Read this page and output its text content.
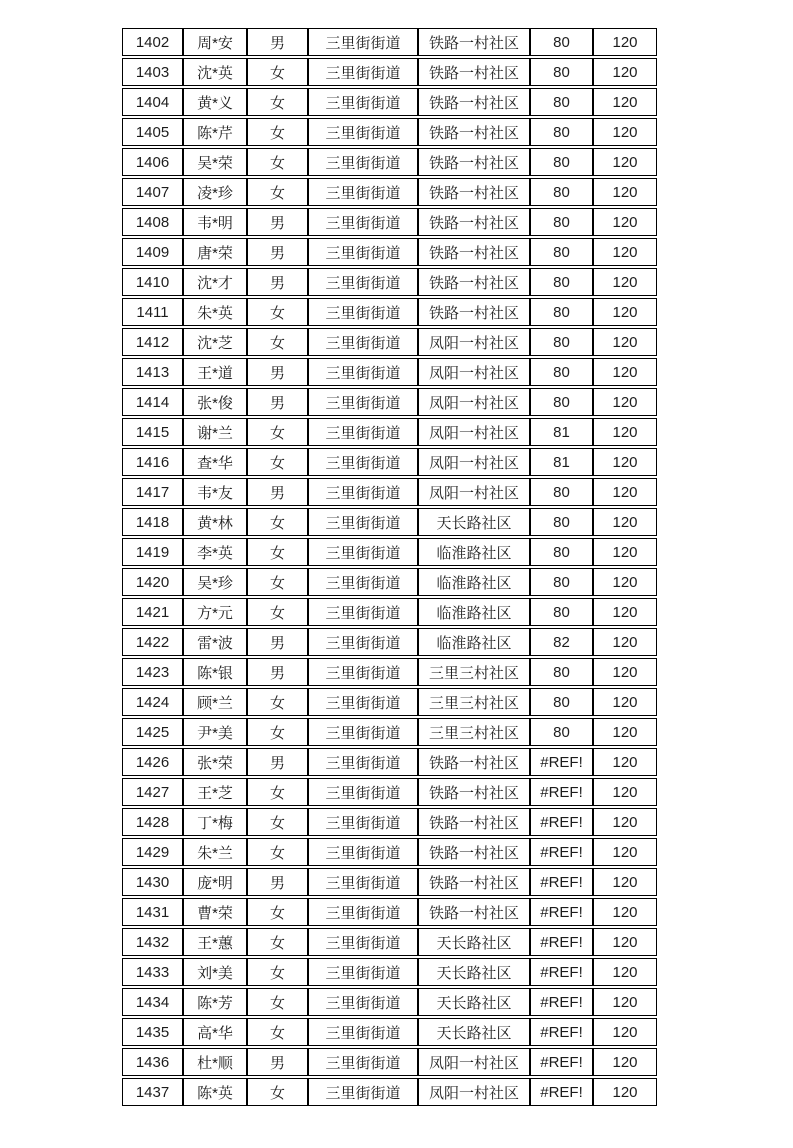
1402	周*安	男	三里街街道	铁路一村社区	80	120
1403	沈*英	女	三里街街道	铁路一村社区	80	120
1404	黄*义	女	三里街街道	铁路一村社区	80	120
1405	陈*芹	女	三里街街道	铁路一村社区	80	120
1406	吴*荣	女	三里街街道	铁路一村社区	80	120
1407	凌*珍	女	三里街街道	铁路一村社区	80	120
1408	韦*明	男	三里街街道	铁路一村社区	80	120
1409	唐*荣	男	三里街街道	铁路一村社区	80	120
1410	沈*才	男	三里街街道	铁路一村社区	80	120
1411	朱*英	女	三里街街道	铁路一村社区	80	120
1412	沈*芝	女	三里街街道	凤阳一村社区	80	120
1413	王*道	男	三里街街道	凤阳一村社区	80	120
1414	张*俊	男	三里街街道	凤阳一村社区	80	120
1415	谢*兰	女	三里街街道	凤阳一村社区	81	120
1416	查*华	女	三里街街道	凤阳一村社区	81	120
1417	韦*友	男	三里街街道	凤阳一村社区	80	120
1418	黄*林	女	三里街街道	天长路社区	80	120
1419	李*英	女	三里街街道	临淮路社区	80	120
1420	吴*珍	女	三里街街道	临淮路社区	80	120
1421	方*元	女	三里街街道	临淮路社区	80	120
1422	雷*波	男	三里街街道	临淮路社区	82	120
1423	陈*银	男	三里街街道	三里三村社区	80	120
1424	顾*兰	女	三里街街道	三里三村社区	80	120
1425	尹*美	女	三里街街道	三里三村社区	80	120
1426	张*荣	男	三里街街道	铁路一村社区	#REF!	120
1427	王*芝	女	三里街街道	铁路一村社区	#REF!	120
1428	丁*梅	女	三里街街道	铁路一村社区	#REF!	120
1429	朱*兰	女	三里街街道	铁路一村社区	#REF!	120
1430	庞*明	男	三里街街道	铁路一村社区	#REF!	120
1431	曹*荣	女	三里街街道	铁路一村社区	#REF!	120
1432	王*蕙	女	三里街街道	天长路社区	#REF!	120
1433	刘*美	女	三里街街道	天长路社区	#REF!	120
1434	陈*芳	女	三里街街道	天长路社区	#REF!	120
1435	高*华	女	三里街街道	天长路社区	#REF!	120
1436	杜*顺	男	三里街街道	凤阳一村社区	#REF!	120
1437	陈*英	女	三里街街道	凤阳一村社区	#REF!	120
